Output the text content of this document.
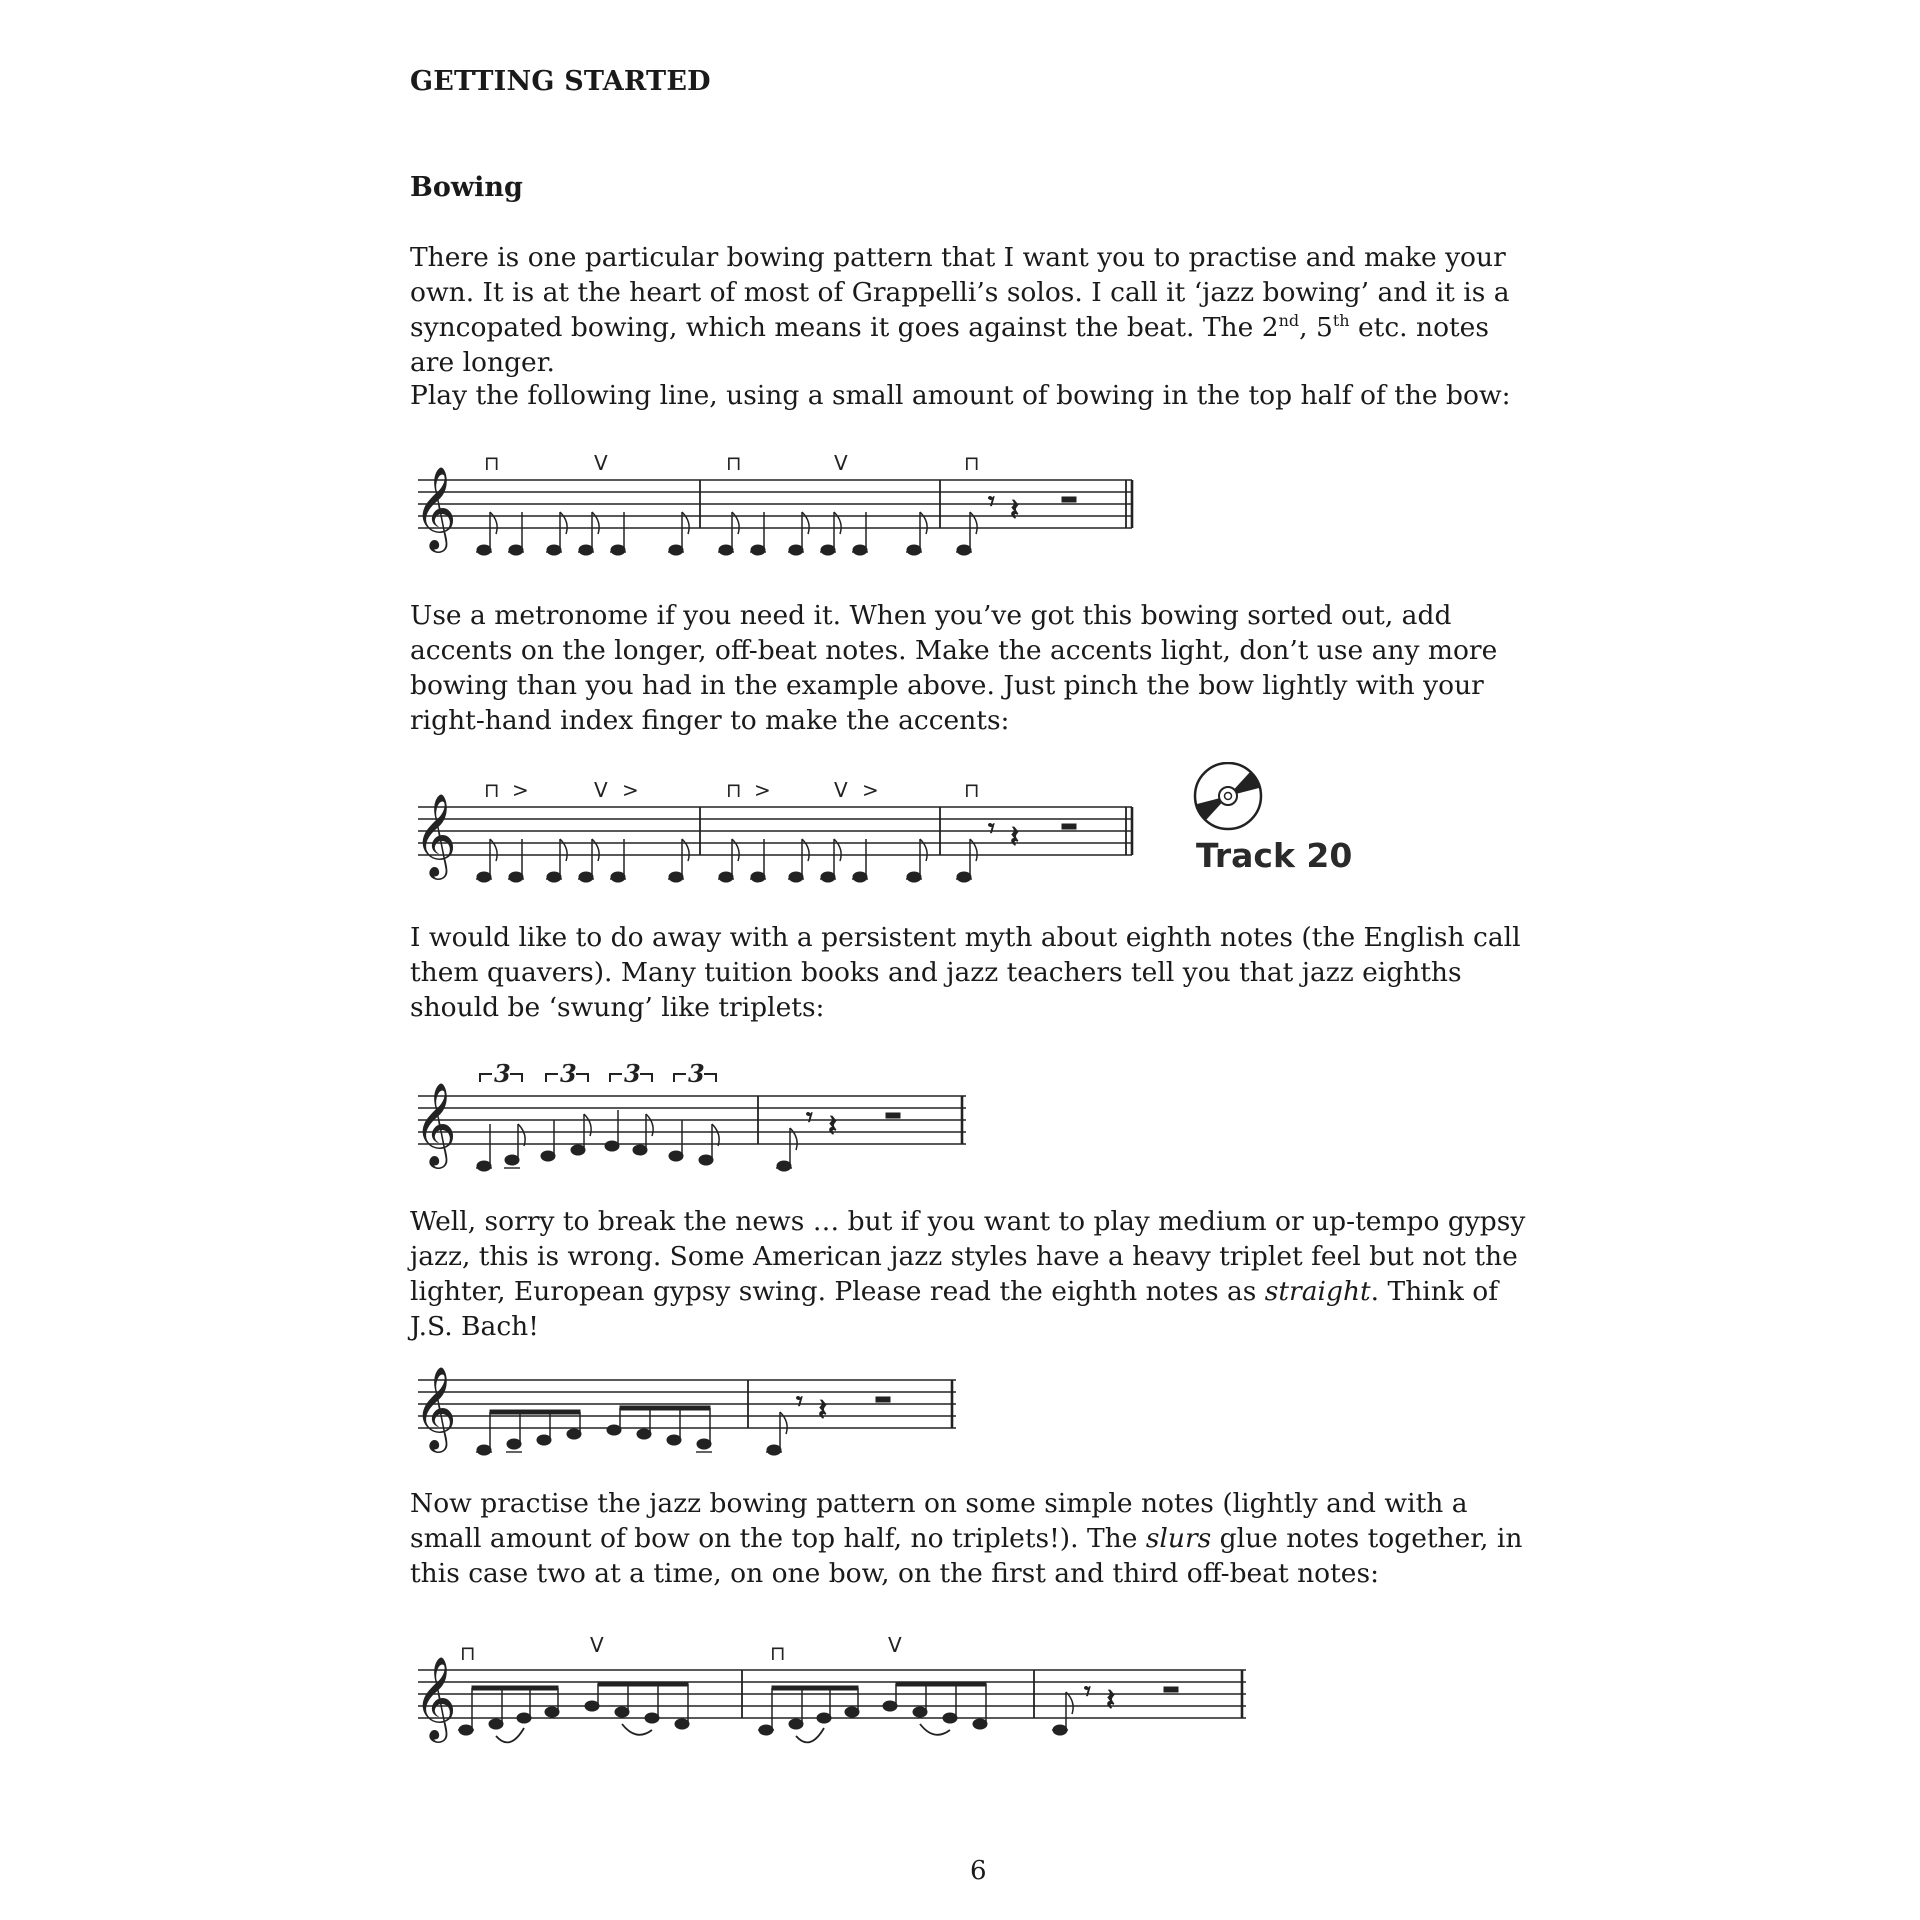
GETTING STARTED
Bowing

There is one particular bowing pattern that I want you to practise and make your own. It is at the heart of most of Grappelli’s solos. I call it ‘jazz bowing’ and it is a syncopated bowing, which means it goes against the beat. The 2nd, 5th etc. notes are longer.

Play the following line, using a small amount of bowing in the top half of the bow:

𝄞	𝄾 𝄽
⊓	V	⊓	V	⊓

Use a metronome if you need it. When you’ve got this bowing sorted out, add accents on the longer, off-beat notes. Make the accents light, don’t use any more bowing than you had in the example above. Just pinch the bow lightly with your right-hand index finger to make the accents:

𝄞	𝄾 𝄽
⊓ >	V >	⊓ >	V >	⊓
Track 20

I would like to do away with a persistent myth about eighth notes (the English call them quavers). Many tuition books and jazz teachers tell you that jazz eighths should be ‘swung’ like triplets:

𝄞	𝄾 𝄽
3 3 3 3

Well, sorry to break the news … but if you want to play medium or up-tempo gypsy jazz, this is wrong. Some American jazz styles have a heavy triplet feel but not the lighter, European gypsy swing. Please read the eighth notes as straight. Think of J.S. Bach!

𝄞	𝄾 𝄽

Now practise the jazz bowing pattern on some simple notes (lightly and with a small amount of bow on the top half, no triplets!). The slurs glue notes together, in this case two at a time, on one bow, on the first and third off-beat notes:

𝄞	𝄾 𝄽
⊓	V	⊓	V
6
